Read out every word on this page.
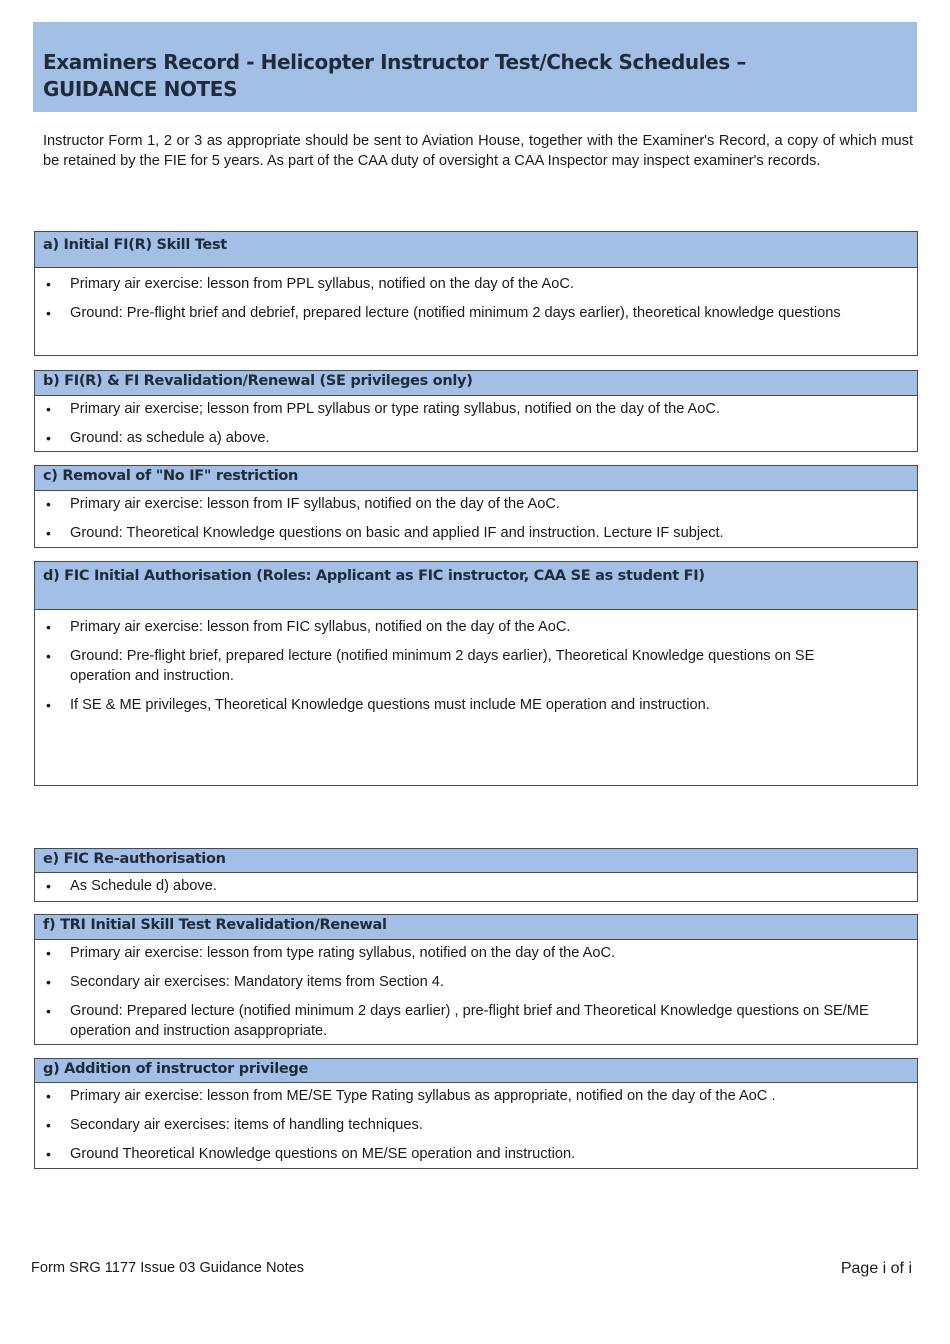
Examiners Record - Helicopter Instructor Test/Check Schedules –
GUIDANCE NOTES
Instructor Form 1, 2 or 3 as appropriate should be sent to Aviation House, together with the Examiner's Record, a copy of which must be retained by the FIE for 5 years. As part of the CAA duty of oversight a CAA Inspector may inspect examiner's records.
a) Initial FI(R) Skill Test
• Primary air exercise: lesson from PPL syllabus, notified on the day of the AoC.
• Ground: Pre-flight brief and debrief, prepared lecture (notified minimum 2 days earlier), theoretical knowledge questions
b) FI(R) & FI Revalidation/Renewal (SE privileges only)
• Primary air exercise; lesson from PPL syllabus or type rating syllabus, notified on the day of the AoC.
• Ground: as schedule a) above.
c) Removal of "No IF" restriction
• Primary air exercise: lesson from IF syllabus, notified on the day of the AoC.
• Ground: Theoretical Knowledge questions on basic and applied IF and instruction. Lecture IF subject.
d) FIC Initial Authorisation (Roles: Applicant as FIC instructor, CAA SE as student FI)
• Primary air exercise: lesson from FIC syllabus, notified on the day of the AoC.
• Ground: Pre-flight brief, prepared lecture (notified minimum 2 days earlier), Theoretical Knowledge questions on SE operation and instruction.
• If SE & ME privileges, Theoretical Knowledge questions must include ME operation and instruction.
e) FIC Re-authorisation
• As Schedule d) above.
f) TRI Initial Skill Test Revalidation/Renewal
• Primary air exercise: lesson from type rating syllabus, notified on the day of the AoC.
• Secondary air exercises: Mandatory items from Section 4.
• Ground: Prepared lecture (notified minimum 2 days earlier) , pre-flight brief and Theoretical Knowledge questions on SE/ME operation and instruction asappropriate.
g) Addition of instructor privilege
• Primary air exercise: lesson from ME/SE Type Rating syllabus as appropriate, notified on the day of the AoC .
• Secondary air exercises: items of handling techniques.
• Ground Theoretical Knowledge questions on ME/SE operation and instruction.
Form SRG 1177 Issue 03 Guidance Notes	Page i of i
